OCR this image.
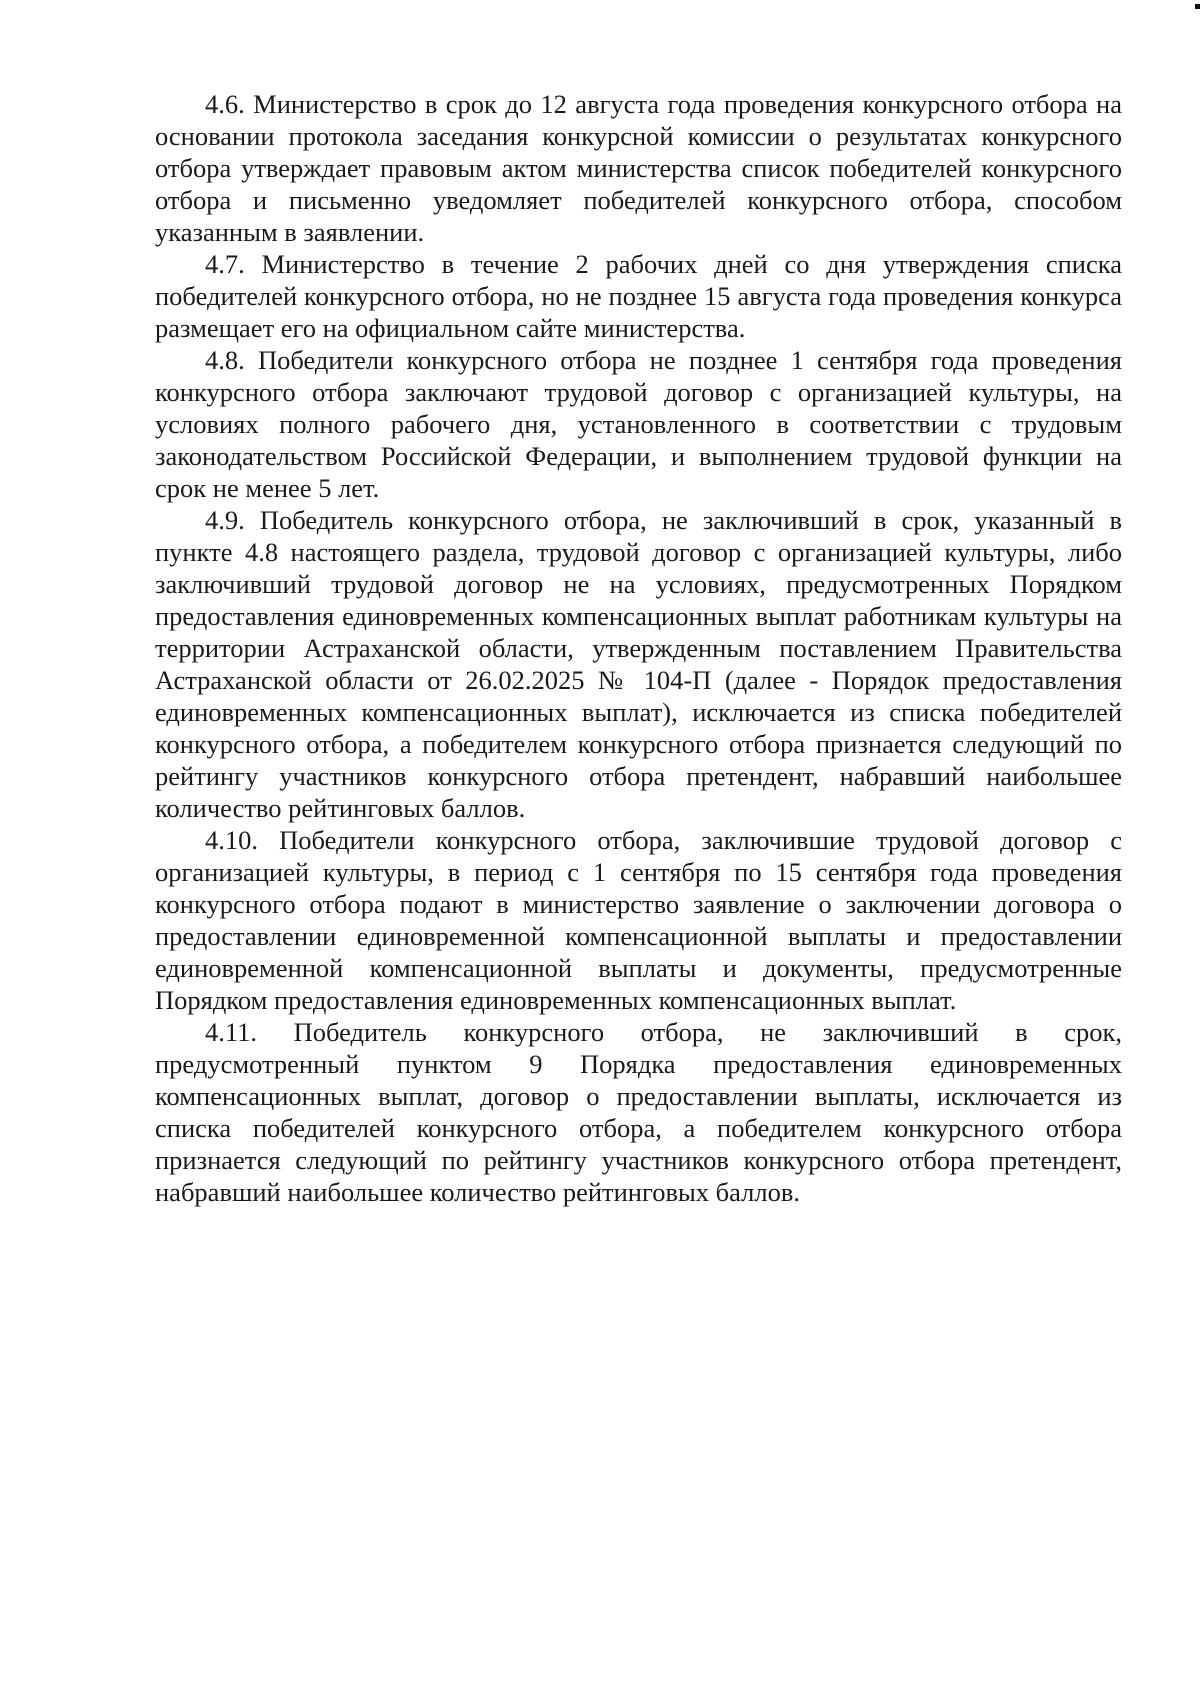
4.6. Министерство в срок до 12 августа года проведения конкурсного отбора на основании протокола заседания конкурсной комиссии о результатах конкурсного отбора утверждает правовым актом министерства список победителей конкурсного отбора и письменно уведомляет победителей конкурсного отбора, способом указанным в заявлении.

4.7. Министерство в течение 2 рабочих дней со дня утверждения списка победителей конкурсного отбора, но не позднее 15 августа года проведения конкурса размещает его на официальном сайте министерства.

4.8. Победители конкурсного отбора не позднее 1 сентября года проведения конкурсного отбора заключают трудовой договор с организацией культуры, на условиях полного рабочего дня, установленного в соответствии с трудовым законодательством Российской Федерации, и выполнением трудовой функции на срок не менее 5 лет.

4.9. Победитель конкурсного отбора, не заключивший в срок, указанный в пункте 4.8 настоящего раздела, трудовой договор с организацией культуры, либо заключивший трудовой договор не на условиях, предусмотренных Порядком предоставления единовременных компенсационных выплат работникам культуры на территории Астраханской области, утвержденным поставлением Правительства Астраханской области от 26.02.2025 № 104-П (далее - Порядок предоставления единовременных компенсационных выплат), исключается из списка победителей конкурсного отбора, а победителем конкурсного отбора признается следующий по рейтингу участников конкурсного отбора претендент, набравший наибольшее количество рейтинговых баллов.

4.10. Победители конкурсного отбора, заключившие трудовой договор с организацией культуры, в период с 1 сентября по 15 сентября года проведения конкурсного отбора подают в министерство заявление о заключении договора о предоставлении единовременной компенсационной выплаты и предоставлении единовременной компенсационной выплаты и документы, предусмотренные Порядком предоставления единовременных компенсационных выплат.

4.11. Победитель конкурсного отбора, не заключивший в срок, предусмотренный пунктом 9 Порядка предоставления единовременных компенсационных выплат, договор о предоставлении выплаты, исключается из списка победителей конкурсного отбора, а победителем конкурсного отбора признается следующий по рейтингу участников конкурсного отбора претендент, набравший наибольшее количество рейтинговых баллов.
